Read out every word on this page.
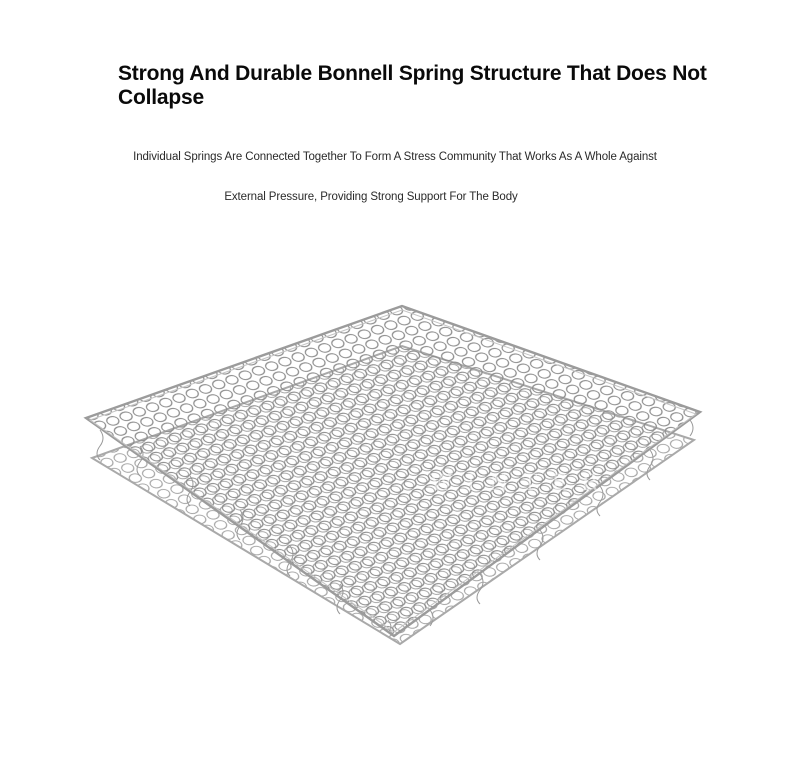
Strong And Durable Bonnell Spring Structure That Does Not Collapse

Individual Springs Are Connected Together To Form A Stress Community That Works As A Whole Against

External Pressure, Providing Strong Support For The Body

WINTER
